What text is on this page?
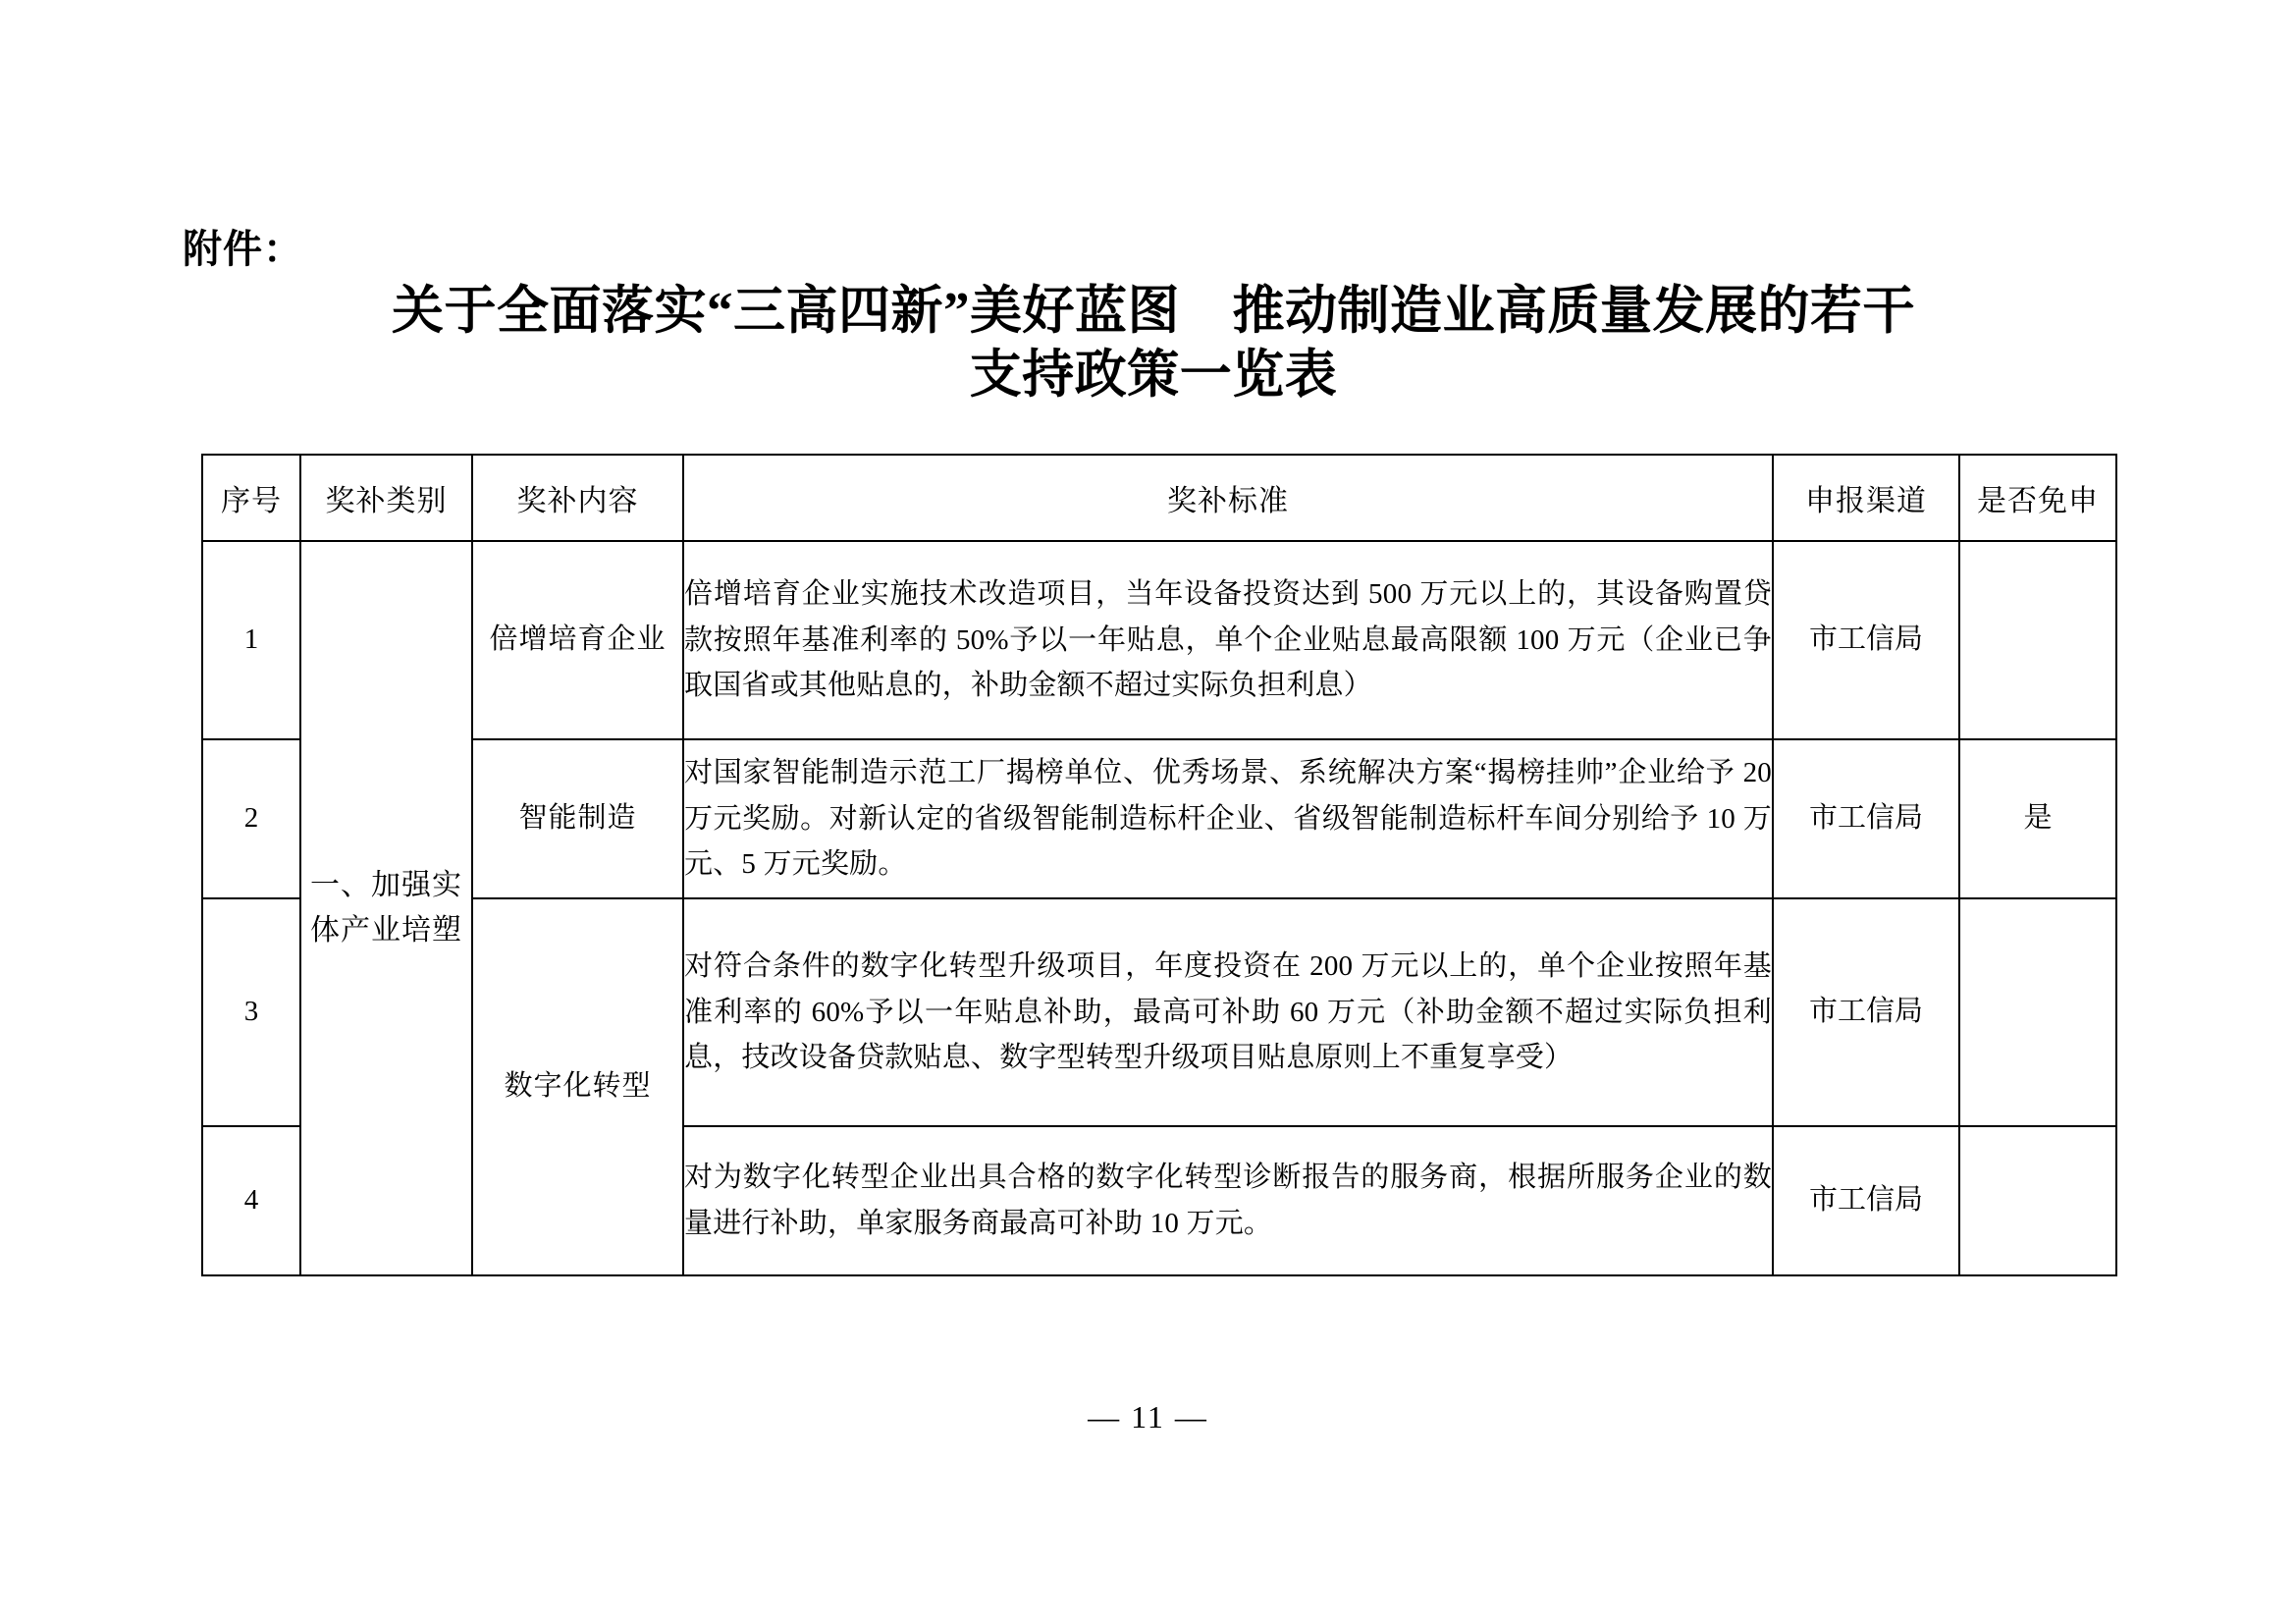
附件：
关于全面落实“三高四新”美好蓝图　推动制造业高质量发展的若干
支持政策一览表
序号	奖补类别	奖补内容	奖补标准	申报渠道	是否免申
1	一、加强实体产业培塑	倍增培育企业	倍增培育企业实施技术改造项目，当年设备投资达到 500 万元以上的，其设备购置贷款按照年基准利率的 50%予以一年贴息，单个企业贴息最高限额 100 万元（企业已争取国省或其他贴息的，补助金额不超过实际负担利息）	市工信局	
2		智能制造	对国家智能制造示范工厂揭榜单位、优秀场景、系统解决方案“揭榜挂帅”企业给予 20 万元奖励。对新认定的省级智能制造标杆企业、省级智能制造标杆车间分别给予 10 万元、5 万元奖励。	市工信局	是
3		数字化转型	对符合条件的数字化转型升级项目，年度投资在 200 万元以上的，单个企业按照年基准利率的 60%予以一年贴息补助，最高可补助 60 万元（补助金额不超过实际负担利息，技改设备贷款贴息、数字型转型升级项目贴息原则上不重复享受）	市工信局	
4			对为数字化转型企业出具合格的数字化转型诊断报告的服务商，根据所服务企业的数量进行补助，单家服务商最高可补助 10 万元。	市工信局	
— 11 —
